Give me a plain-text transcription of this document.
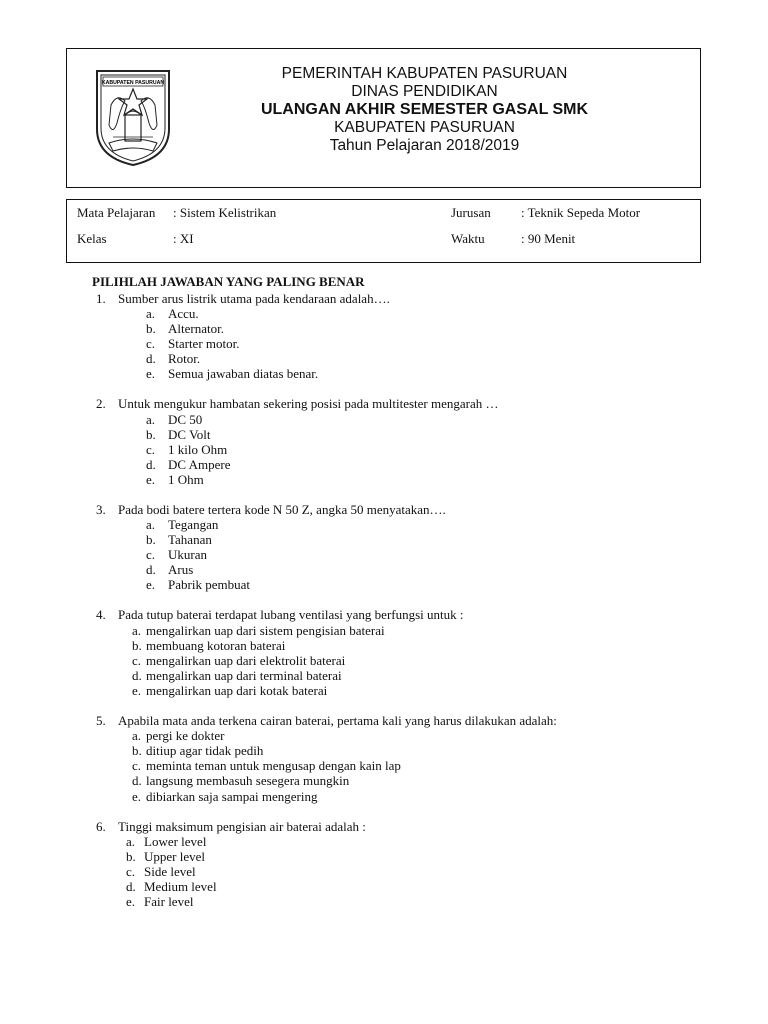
KABUPATEN PASURUAN
PEMERINTAH KABUPATEN PASURUAN
DINAS PENDIDIKAN
ULANGAN AKHIR SEMESTER GASAL SMK
KABUPATEN PASURUAN
Tahun Pelajaran 2018/2019
Mata Pelajaran : Sistem Kelistrikan	Jurusan : Teknik Sepeda Motor
Kelas	: XI	Waktu	: 90 Menit
PILIHLAH JAWABAN YANG PALING BENAR
1. Sumber arus listrik utama pada kendaraan adalah….
a. Accu.
b. Alternator.
c. Starter motor.
d. Rotor.
e. Semua jawaban diatas benar.
2. Untuk mengukur hambatan sekering posisi pada multitester mengarah …
a. DC 50
b. DC Volt
c. 1 kilo Ohm
d. DC Ampere
e. 1 Ohm
3. Pada bodi batere tertera kode N 50 Z, angka 50 menyatakan….
a. Tegangan
b. Tahanan
c. Ukuran
d. Arus
e. Pabrik pembuat
4. Pada tutup baterai terdapat lubang ventilasi yang berfungsi untuk :
a. mengalirkan uap dari sistem pengisian baterai
b. membuang kotoran baterai
c. mengalirkan uap dari elektrolit baterai
d. mengalirkan uap dari terminal baterai
e. mengalirkan uap dari kotak baterai
5. Apabila mata anda terkena cairan baterai, pertama kali yang harus dilakukan adalah:
a. pergi ke dokter
b. ditiup agar tidak pedih
c. meminta teman untuk mengusap dengan kain lap
d. langsung membasuh sesegera mungkin
e. dibiarkan saja sampai mengering
6. Tinggi maksimum pengisian air baterai adalah :
a. Lower level
b. Upper level
c. Side level
d. Medium level
e. Fair level
